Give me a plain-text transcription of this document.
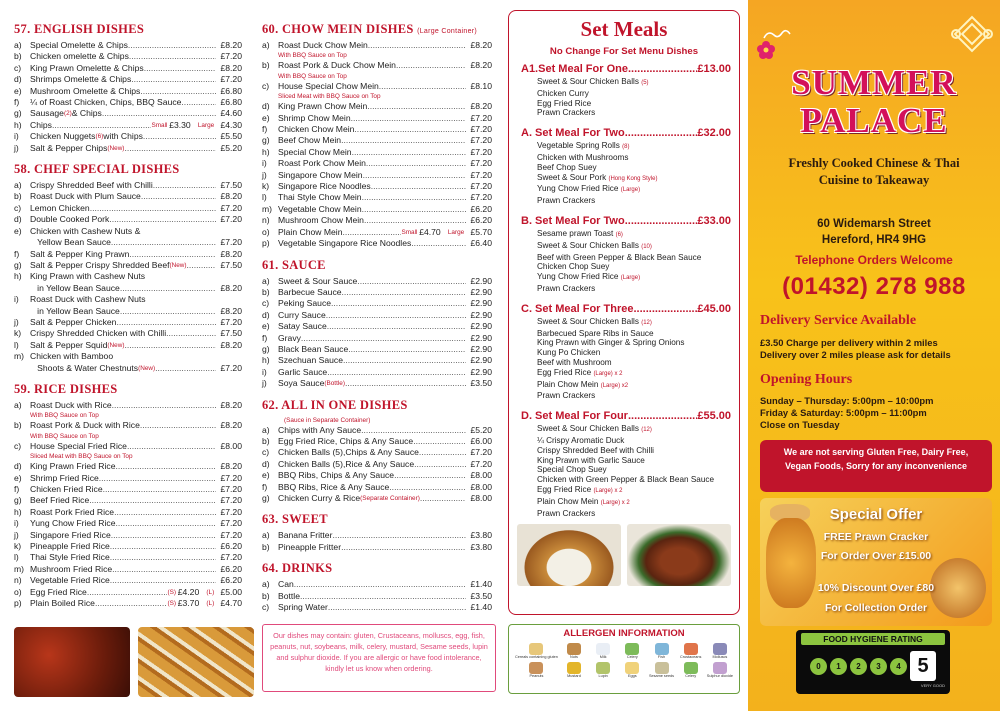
57. ENGLISH DISHES
a) Special Omelette & Chips .....	£8.20
b) Chicken omelette & Chips .....	£7.20
c)	King Prawn Omelette & Chips .....	£8.20
d) Shrimps Omelette & Chips .....	£7.20
e) Mushroom Omelette & Chips .....	£6.80
f)	¼ of Roast Chicken, Chips, BBQ Sauce .....	£6.80
g) Sausage (2) & Chips .....	£4.60
h) Chips .....	Small £3.30 Large £4.30
i)	Chicken Nuggets (6) with Chips .....	£5.50
j)	Salt & Pepper Chips (New) .....	£5.20
58. CHEF SPECIAL DISHES
a) Crispy Shredded Beef with Chilli .....	£7.50
b) Roast Duck with Plum Sauce .....	£8.20
c)	Lemon Chicken .....	£7.20
d) Double Cooked Pork .....	£7.20
e) Chicken with Cashew Nuts &
Yellow Bean Sauce .....	£7.20
f)	Salt & Pepper King Prawn .....	£8.20
g) Salt & Pepper Crispy Shredded Beef (New) .....	£7.50
h) King Prawn with Cashew Nuts
in Yellow Bean Sauce .....	£8.20
i)	Roast Duck with Cashew Nuts
in Yellow Bean Sauce .....	£8.20
j)	Salt & Pepper Chicken .....	£7.20
k)	Crispy Shredded Chicken with Chilli .....	£7.50
l)	Salt & Pepper Squid (New) .....	£8.20
m) Chicken with Bamboo
Shoots & Water Chestnuts (New) .....	£7.20
59. RICE DISHES
a) Roast Duck with Rice .....	£8.20
With BBQ Sauce on Top
b) Roast Pork & Duck with Rice .....	£8.20
With BBQ Sauce on Top
c)	House Special Fried Rice .....	£8.00
Sliced Meat with BBQ Sauce on Top
d) King Prawn Fried Rice .....	£8.20
e) Shrimp Fried Rice .....	£7.20
f)	Chicken Fried Rice .....	£7.20
g) Beef Fried Rice .....	£7.20
h) Roast Pork Fried Rice .....	£7.20
i)	Yung Chow Fried Rice .....	£7.20
j)	Singapore Fried Rice .....	£7.20
k)	Pineapple Fried Rice .....	£6.20
l)	Thai Style Fried Rice .....	£7.20
m) Mushroom Fried Rice .....	£6.20
n) Vegetable Fried Rice .....	£6.20
o) Egg Fried Rice .....	(S) £4.20 (L) £5.00
p) Plain Boiled Rice .....	(S) £3.70 (L) £4.70
60. CHOW MEIN DISHES (Large Container)
a) Roast Duck Chow Mein .....	£8.20
With BBQ Sauce on Top
b) Roast Pork & Duck Chow Mein .....	£8.20
With BBQ Sauce on Top
c)	House Special Chow Mein .....	£8.10
Sliced Meat with BBQ Sauce on Top
d) King Prawn Chow Mein .....	£8.20
e) Shrimp Chow Mein .....	£7.20
f)	Chicken Chow Mein .....	£7.20
g) Beef Chow Mein .....	£7.20
h) Special Chow Mein .....	£7.20
i)	Roast Pork Chow Mein .....	£7.20
j)	Singapore Chow Mein .....	£7.20
k)	Singapore Rice Noodles .....	£7.20
l)	Thai Style Chow Mein .....	£7.20
m) Vegetable Chow Mein .....	£6.20
n) Mushroom Chow Mein .....	£6.20
o) Plain Chow Mein .....	Small £4.70 Large £5.70
p) Vegetable Singapore Rice Noodles .....	£6.40
61. SAUCE
a) Sweet & Sour Sauce .....	£2.90
b) Barbecue Sauce .....	£2.90
c)	Peking Sauce .....	£2.90
d) Curry Sauce .....	£2.90
e) Satay Sauce .....	£2.90
f)	Gravy .....	£2.90
g) Black Bean Sauce .....	£2.90
h) Szechuan Sauce .....	£2.90
i)	Garlic Sauce .....	£2.90
j)	Soya Sauce (Bottle) .....	£3.50
62. ALL IN ONE DISHES
(Sauce in Separate Container)
a) Chips with Any Sauce .....	£5.20
b) Egg Fried Rice, Chips & Any Sauce .....	£6.00
c)	Chicken Balls (5),Chips & Any Sauce .....	£7.20
d) Chicken Balls (5),Rice & Any Sauce .....	£7.20
e) BBQ Ribs, Chips & Any Sauce .....	£8.00
f)	BBQ Ribs, Rice & Any Sauce .....	£8.00
g) Chicken Curry & Rice (Separate Container) .....	£8.00
63. SWEET
a) Banana Fritter .....	£3.80
b) Pineapple Fritter .....	£3.80
64. DRINKS
a) Can .....	£1.40
b) Bottle .....	£3.50
c)	Spring Water .....	£1.40
Our dishes may contain: gluten, Crustaceans, molluscs, egg, fish, peanuts, nut, soybeans, milk, celery, mustard, Sesame seeds, lupin and sulphur dioxide. If you are allergic or have food intolerance, kindly let us know when ordering.
Set Meals
No Change For Set Menu Dishes
A1.Set Meal For One .....	£13.00
Sweet & Sour Chicken Balls (5)
Chicken Curry
Egg Fried Rice
Prawn Crackers
A. Set Meal For Two .....	£32.00
Vegetable Spring Rolls (8)
Chicken with Mushrooms
Beef Chop Suey
Sweet & Sour Pork (Hong Kong Style)
Yung Chow Fried Rice (Large)
Prawn Crackers
B. Set Meal For Two .....	£33.00
Sesame prawn Toast (6)
Sweet & Sour Chicken Balls (10)
Beef with Green Pepper & Black Bean Sauce
Chicken Chop Suey
Yung Chow Fried Rice (Large)
Prawn Crackers
C. Set Meal For Three .....	£45.00
Sweet & Sour Chicken Balls (12)
Barbecued Spare Ribs in Sauce
King Prawn with Ginger & Spring Onions
Kung Po Chicken
Beef with Mushroom
Egg Fried Rice (Large) x 2
Plain Chow Mein (Large) x2
Prawn Crackers
D. Set Meal For Four .....	£55.00
Sweet & Sour Chicken Balls (12)
¼ Crispy Aromatic Duck
Crispy Shredded Beef with Chilli
King Prawn with Garlic Sauce
Special Chop Suey
Chicken with Green Pepper & Black Bean Sauce
Egg Fried Rice (Large) x 2
Plain Chow Mein (Large) x 2
Prawn Crackers
ALLERGEN INFORMATION
Cereals containing gluten	Nuts	Milk	Celery	Fish	Crustaceans	Molluscs
Peanuts	Mustard	Lupin	Eggs	Sesame seeds	Celery	Sulphur dioxide
SUMMER
PALACE
Freshly Cooked Chinese & Thai
Cuisine to Takeaway
60 Widemarsh Street
Hereford, HR4 9HG
Telephone Orders Welcome
(01432) 278 988
Delivery Service Available
£3.50 Charge per delivery within 2 miles
Delivery over 2 miles please ask for details
Opening Hours
Sunday – Thursday: 5:00pm – 10:00pm
Friday & Saturday: 5:00pm – 11:00pm
Close on Tuesday
We are not serving Gluten Free, Dairy Free,
Vegan Foods, Sorry for any inconvenience
Special Offer
FREE Prawn Cracker
For Order Over £15.00
10% Discount Over £80
For Collection Order
FOOD HYGIENE RATING
0	1	2	3	4 5
VERY GOOD
